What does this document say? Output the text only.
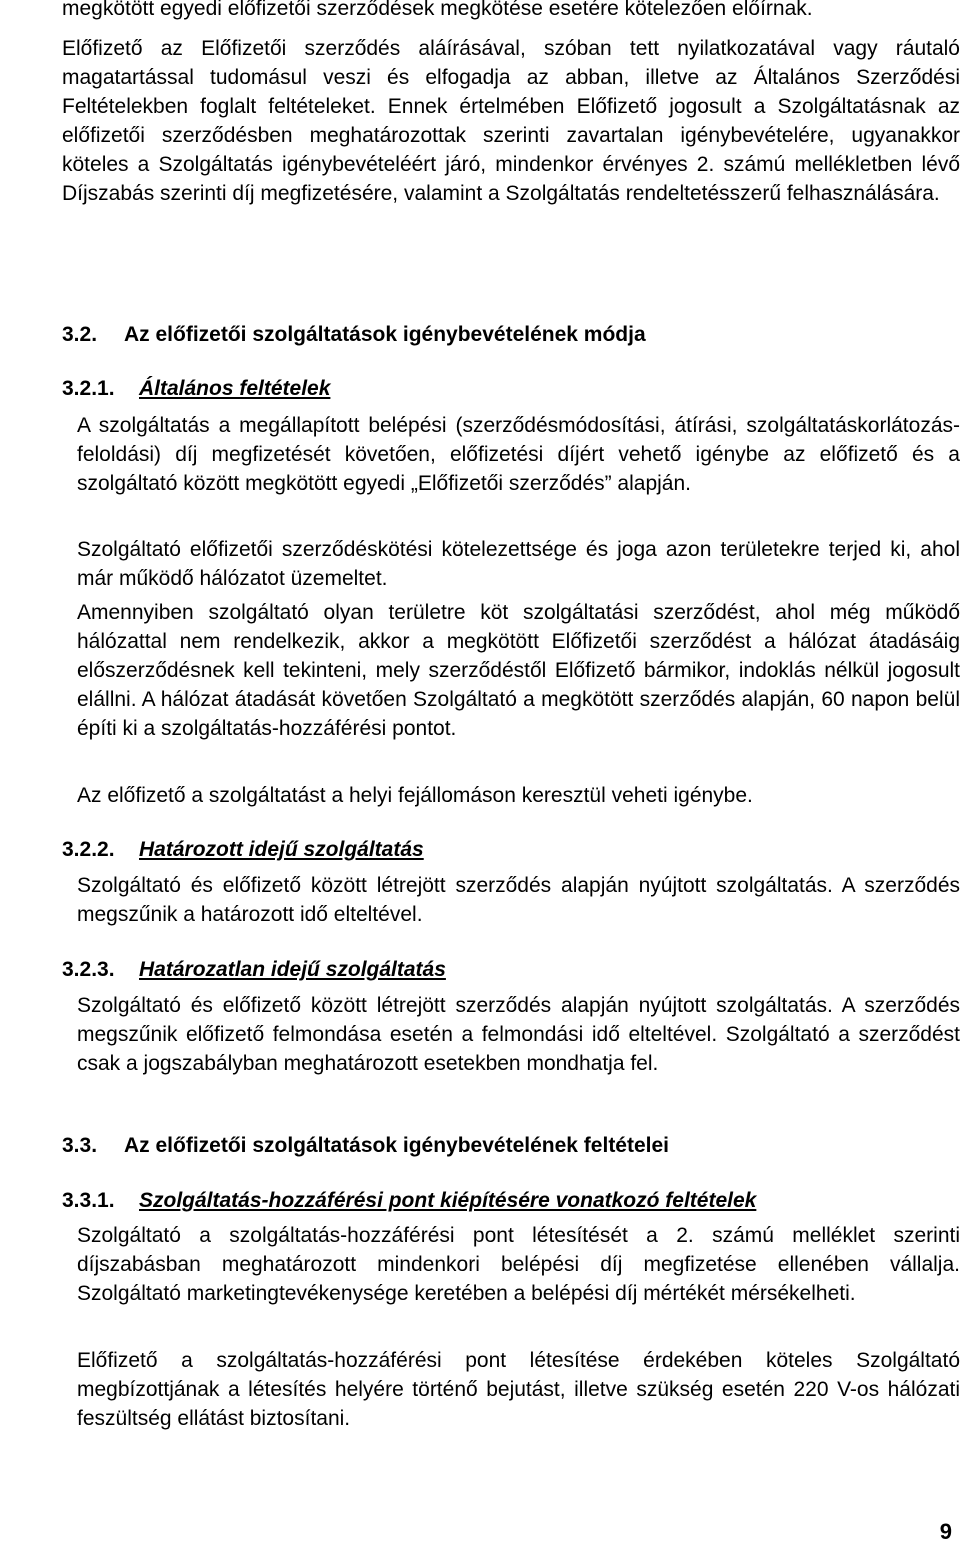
megkötött egyedi előfizetői szerződések megkötése esetére kötelezően előírnak.

Előfizető az Előfizetői szerződés aláírásával, szóban tett nyilatkozatával vagy ráutaló magatartással tudomásul veszi és elfogadja az abban, illetve az Általános Szerződési Feltételekben foglalt feltételeket. Ennek értelmében Előfizető jogosult a Szolgáltatásnak az előfizetői szerződésben meghatározottak szerinti zavartalan igénybevételére, ugyanakkor köteles a Szolgáltatás igénybevételéért járó, mindenkor érvényes 2. számú mellékletben lévő Díjszabás szerinti díj megfizetésére, valamint a Szolgáltatás rendeltetésszerű felhasználására.

3.2. Az előfizetői szolgáltatások igénybevételének módja
3.2.1. Általános feltételek

A szolgáltatás a megállapított belépési (szerződésmódosítási, átírási, szolgáltatáskorlátozás-feloldási) díj megfizetését követően, előfizetési díjért vehető igénybe az előfizető és a szolgáltató között megkötött egyedi „Előfizetői szerződés” alapján.

Szolgáltató előfizetői szerződéskötési kötelezettsége és joga azon területekre terjed ki, ahol már működő hálózatot üzemeltet.

Amennyiben szolgáltató olyan területre köt szolgáltatási szerződést, ahol még működő hálózattal nem rendelkezik, akkor a megkötött Előfizetői szerződést a hálózat átadásáig előszerződésnek kell tekinteni, mely szerződéstől Előfizető bármikor, indoklás nélkül jogosult elállni. A hálózat átadását követően Szolgáltató a megkötött szerződés alapján, 60 napon belül építi ki a szolgáltatás-hozzáférési pontot.

Az előfizető a szolgáltatást a helyi fejállomáson keresztül veheti igénybe.

3.2.2. Határozott idejű szolgáltatás

Szolgáltató és előfizető között létrejött szerződés alapján nyújtott szolgáltatás. A szerződés megszűnik a határozott idő elteltével.

3.2.3. Határozatlan idejű szolgáltatás

Szolgáltató és előfizető között létrejött szerződés alapján nyújtott szolgáltatás. A szerződés megszűnik előfizető felmondása esetén a felmondási idő elteltével. Szolgáltató a szerződést csak a jogszabályban meghatározott esetekben mondhatja fel.

3.3. Az előfizetői szolgáltatások igénybevételének feltételei
3.3.1. Szolgáltatás-hozzáférési pont kiépítésére vonatkozó feltételek

Szolgáltató a szolgáltatás-hozzáférési pont létesítését a 2. számú melléklet szerinti díjszabásban meghatározott mindenkori belépési díj megfizetése ellenében vállalja. Szolgáltató marketingtevékenysége keretében a belépési díj mértékét mérsékelheti.

Előfizető a szolgáltatás-hozzáférési pont létesítése érdekében köteles Szolgáltató megbízottjának a létesítés helyére történő bejutást, illetve szükség esetén 220 V-os hálózati feszültség ellátást biztosítani.

9
